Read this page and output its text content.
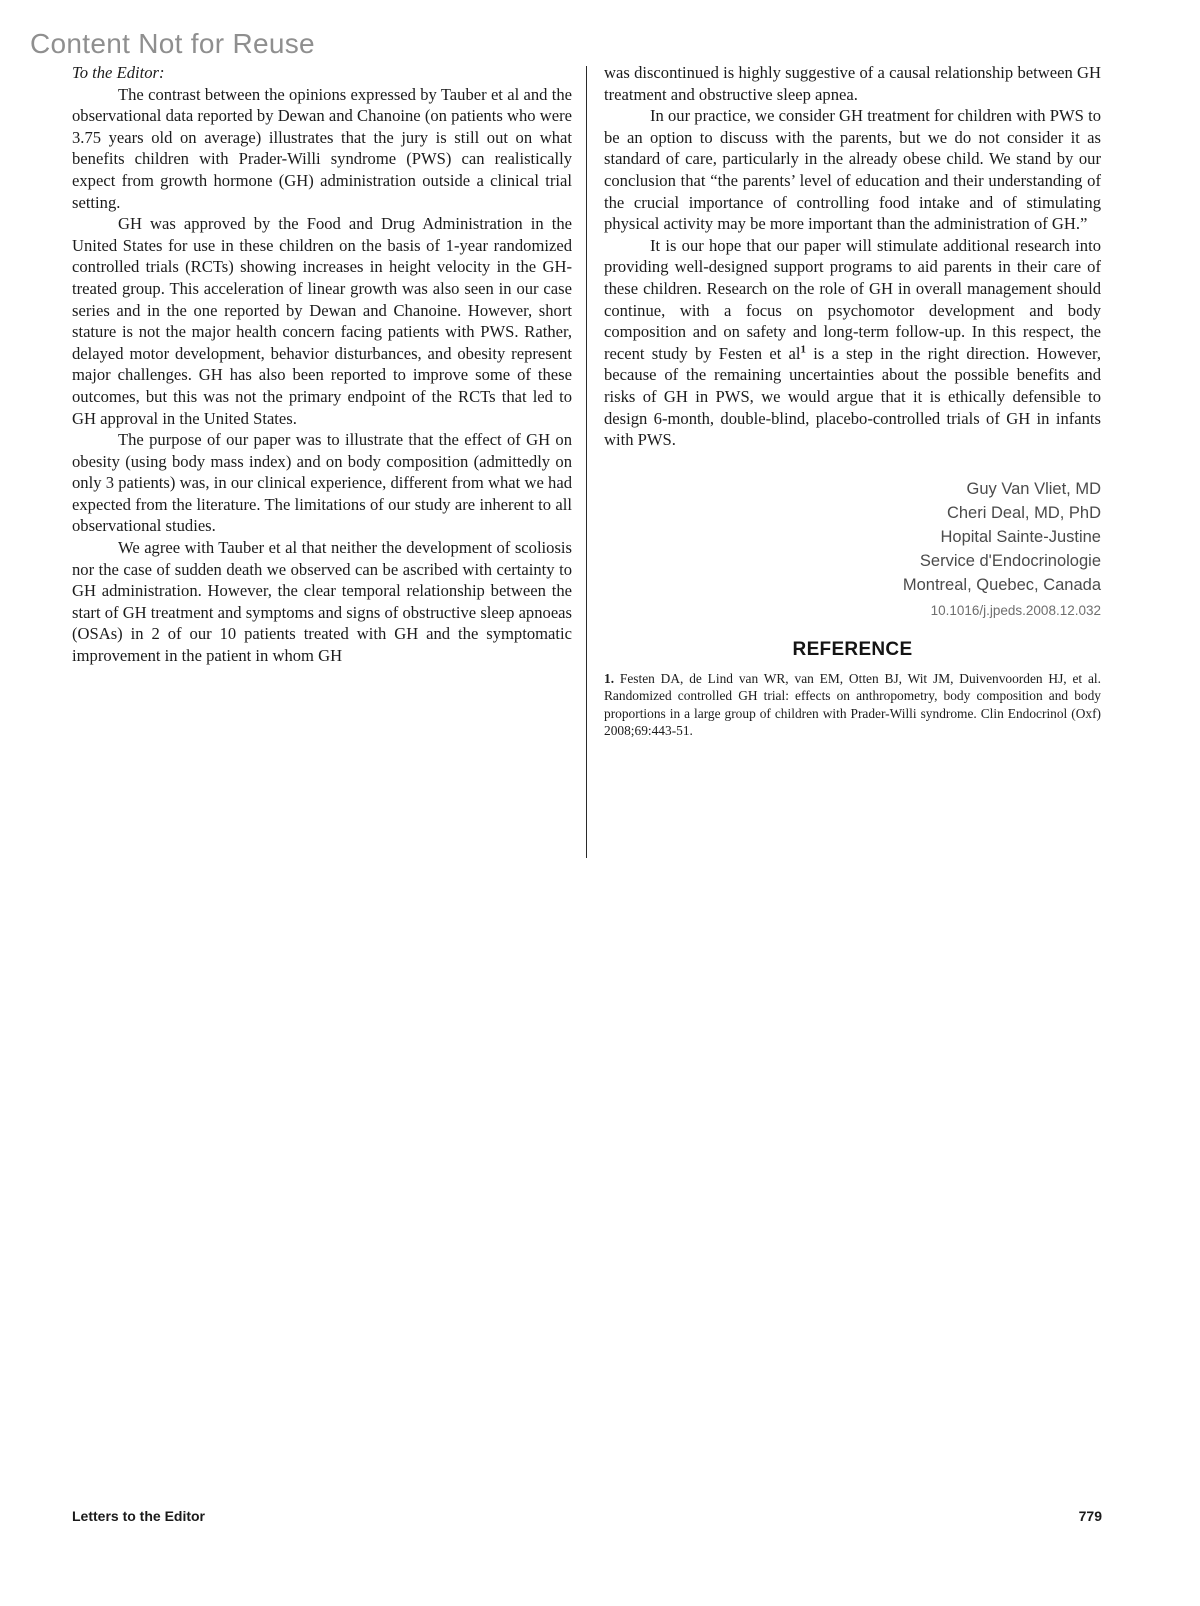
Content Not for Reuse

To the Editor:

The contrast between the opinions expressed by Tauber et al and the observational data reported by Dewan and Chanoine (on patients who were 3.75 years old on average) illustrates that the jury is still out on what benefits children with Prader-Willi syndrome (PWS) can realistically expect from growth hormone (GH) administration outside a clinical trial setting.

GH was approved by the Food and Drug Administration in the United States for use in these children on the basis of 1-year randomized controlled trials (RCTs) showing increases in height velocity in the GH-treated group. This acceleration of linear growth was also seen in our case series and in the one reported by Dewan and Chanoine. However, short stature is not the major health concern facing patients with PWS. Rather, delayed motor development, behavior disturbances, and obesity represent major challenges. GH has also been reported to improve some of these outcomes, but this was not the primary endpoint of the RCTs that led to GH approval in the United States.

The purpose of our paper was to illustrate that the effect of GH on obesity (using body mass index) and on body composition (admittedly on only 3 patients) was, in our clinical experience, different from what we had expected from the literature. The limitations of our study are inherent to all observational studies.

We agree with Tauber et al that neither the development of scoliosis nor the case of sudden death we observed can be ascribed with certainty to GH administration. However, the clear temporal relationship between the start of GH treatment and symptoms and signs of obstructive sleep apnoeas (OSAs) in 2 of our 10 patients treated with GH and the symptomatic improvement in the patient in whom GH

was discontinued is highly suggestive of a causal relationship between GH treatment and obstructive sleep apnea.

In our practice, we consider GH treatment for children with PWS to be an option to discuss with the parents, but we do not consider it as standard of care, particularly in the already obese child. We stand by our conclusion that “the parents’ level of education and their understanding of the crucial importance of controlling food intake and of stimulating physical activity may be more important than the administration of GH.”

It is our hope that our paper will stimulate additional research into providing well-designed support programs to aid parents in their care of these children. Research on the role of GH in overall management should continue, with a focus on psychomotor development and body composition and on safety and long-term follow-up. In this respect, the recent study by Festen et al$^1$ is a step in the right direction. However, because of the remaining uncertainties about the possible benefits and risks of GH in PWS, we would argue that it is ethically defensible to design 6-month, double-blind, placebo-controlled trials of GH in infants with PWS.

Guy Van Vliet, MD
Cheri Deal, MD, PhD
Hopital Sainte-Justine
Service d'Endocrinologie
Montreal, Quebec, Canada
10.1016/j.jpeds.2008.12.032
REFERENCE

1. Festen DA, de Lind van WR, van EM, Otten BJ, Wit JM, Duivenvoorden HJ, et al. Randomized controlled GH trial: effects on anthropometry, body composition and body proportions in a large group of children with Prader-Willi syndrome. Clin Endocrinol (Oxf) 2008;69:443-51.

Letters to the Editor	779
